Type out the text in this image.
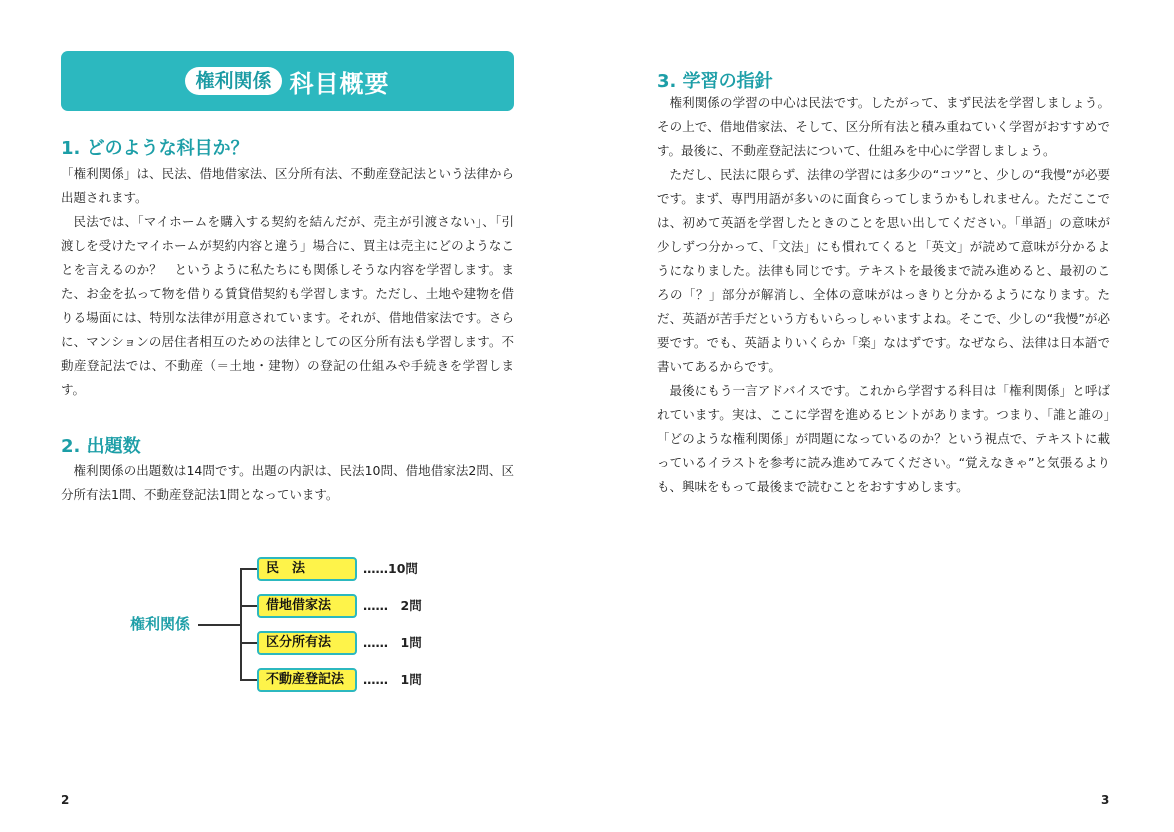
権利関係 科目概要
1. どのような科目か？

「権利関係」は、民法、借地借家法、区分所有法、不動産登記法という法律から出題されます。

民法では、「マイホームを購入する契約を結んだが、売主が引渡さない」、「引渡しを受けたマイホームが契約内容と違う」場合に、買主は売主にどのようなことを言えるのか？　というように私たちにも関係しそうな内容を学習します。また、お金を払って物を借りる賃貸借契約も学習します。ただし、土地や建物を借りる場面には、特別な法律が用意されています。それが、借地借家法です。さらに、マンションの居住者相互のための法律としての区分所有法も学習します。不動産登記法では、不動産（＝土地・建物）の登記の仕組みや手続きを学習します。

2. 出題数

権利関係の出題数は14問です。出題の内訳は、民法10問、借地借家法2問、区分所有法1問、不動産登記法1問となっています。

権利関係
民　法	……10問
借地借家法	……　2問
区分所有法	……　1問
不動産登記法	……　1問
2
3. 学習の指針

権利関係の学習の中心は民法です。したがって、まず民法を学習しましょう。その上で、借地借家法、そして、区分所有法と積み重ねていく学習がおすすめです。最後に、不動産登記法について、仕組みを中心に学習しましょう。

ただし、民法に限らず、法律の学習には多少の“コツ”と、少しの“我慢”が必要です。まず、専門用語が多いのに面食らってしまうかもしれません。ただここでは、初めて英語を学習したときのことを思い出してください。「単語」の意味が少しずつ分かって、「文法」にも慣れてくると「英文」が読めて意味が分かるようになりました。法律も同じです。テキストを最後まで読み進めると、最初のころの「？」部分が解消し、全体の意味がはっきりと分かるようになります。ただ、英語が苦手だという方もいらっしゃいますよね。そこで、少しの“我慢”が必要です。でも、英語よりいくらか「楽」なはずです。なぜなら、法律は日本語で書いてあるからです。

最後にもう一言アドバイスです。これから学習する科目は「権利関係」と呼ばれています。実は、ここに学習を進めるヒントがあります。つまり、「誰と誰の」「どのような権利関係」が問題になっているのか？という視点で、テキストに載っているイラストを参考に読み進めてみてください。“覚えなきゃ”と気張るよりも、興味をもって最後まで読むことをおすすめします。

3
